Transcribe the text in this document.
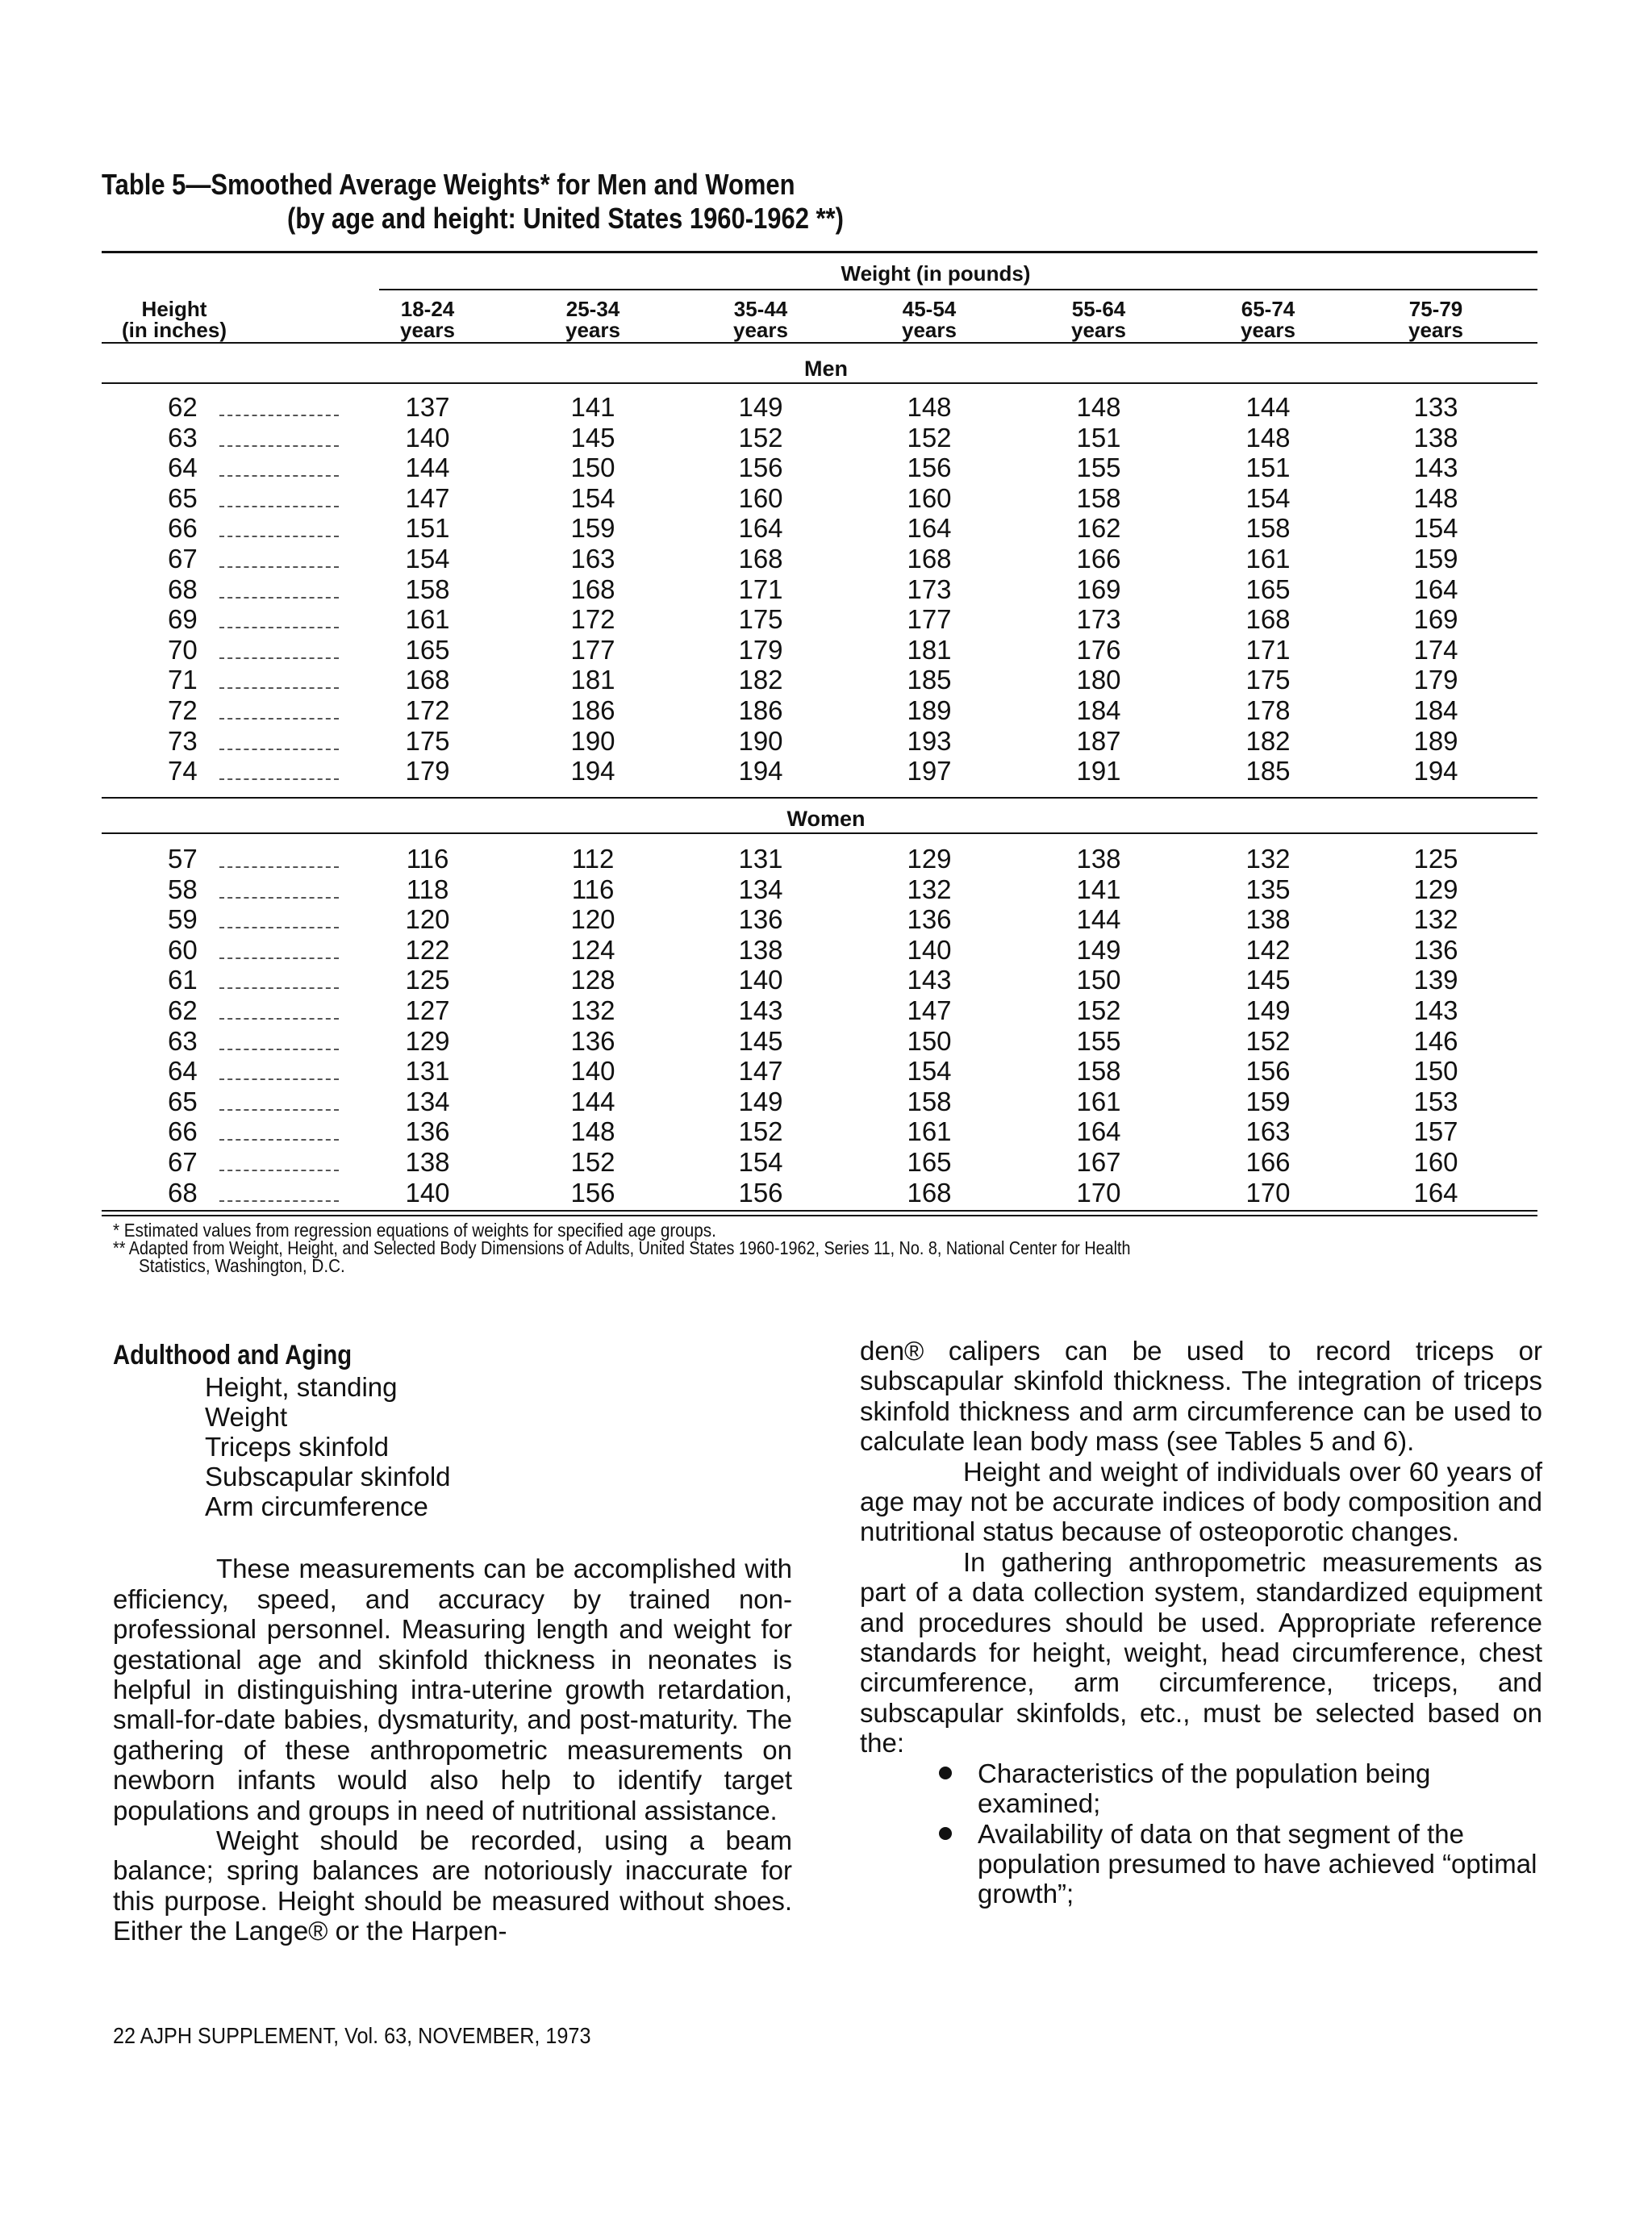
Table 5—Smoothed Average Weights* for Men and Women
(by age and height: United States 1960-1962 **)
Weight (in pounds)
Height
(in inches)
18-24
years
25-34
years
35-44
years
45-54
years
55-64
years
65-74
years
75-79
years
Men
62	137	141	149	148	148	144	133
63	140	145	152	152	151	148	138
64	144	150	156	156	155	151	143
65	147	154	160	160	158	154	148
66	151	159	164	164	162	158	154
67	154	163	168	168	166	161	159
68	158	168	171	173	169	165	164
69	161	172	175	177	173	168	169
70	165	177	179	181	176	171	174
71	168	181	182	185	180	175	179
72	172	186	186	189	184	178	184
73	175	190	190	193	187	182	189
74	179	194	194	197	191	185	194
Women
57	116	112	131	129	138	132	125
58	118	116	134	132	141	135	129
59	120	120	136	136	144	138	132
60	122	124	138	140	149	142	136
61	125	128	140	143	150	145	139
62	127	132	143	147	152	149	143
63	129	136	145	150	155	152	146
64	131	140	147	154	158	156	150
65	134	144	149	158	161	159	153
66	136	148	152	161	164	163	157
67	138	152	154	165	167	166	160
68	140	156	156	168	170	170	164
* Estimated values from regression equations of weights for specified age groups.
** Adapted from Weight, Height, and Selected Body Dimensions of Adults, United States 1960-1962, Series 11, No. 8, National Center for Health
Statistics, Washington, D.C.
Adulthood and Aging
Height, standing
Weight
Triceps skinfold
Subscapular skinfold
Arm circumference

These measurements can be accomplished with efficiency, speed, and accuracy by trained non-professional personnel. Measuring length and weight for gestational age and skinfold thickness in neonates is helpful in distinguishing intra-uterine growth retardation, small-for-date babies, dysmaturity, and post-maturity. The gathering of these anthropometric measurements on newborn infants would also help to identify target populations and groups in need of nutritional assistance.

Weight should be recorded, using a beam balance; spring balances are notoriously inaccurate for this purpose. Height should be measured without shoes. Either the Lange® or the Harpen-

den® calipers can be used to record triceps or subscapular skinfold thickness. The integration of triceps skinfold thickness and arm circumference can be used to calculate lean body mass (see Tables 5 and 6).

Height and weight of individuals over 60 years of age may not be accurate indices of body composition and nutritional status because of osteoporotic changes.

In gathering anthropometric measurements as part of a data collection system, standardized equipment and procedures should be used. Appropriate reference standards for height, weight, head circumference, chest circumference, arm circumference, triceps, and subscapular skinfolds, etc., must be selected based on the:

Characteristics of the population being examined;
Availability of data on that segment of the population presumed to have achieved “optimal growth”;
22 AJPH SUPPLEMENT, Vol. 63, NOVEMBER, 1973
